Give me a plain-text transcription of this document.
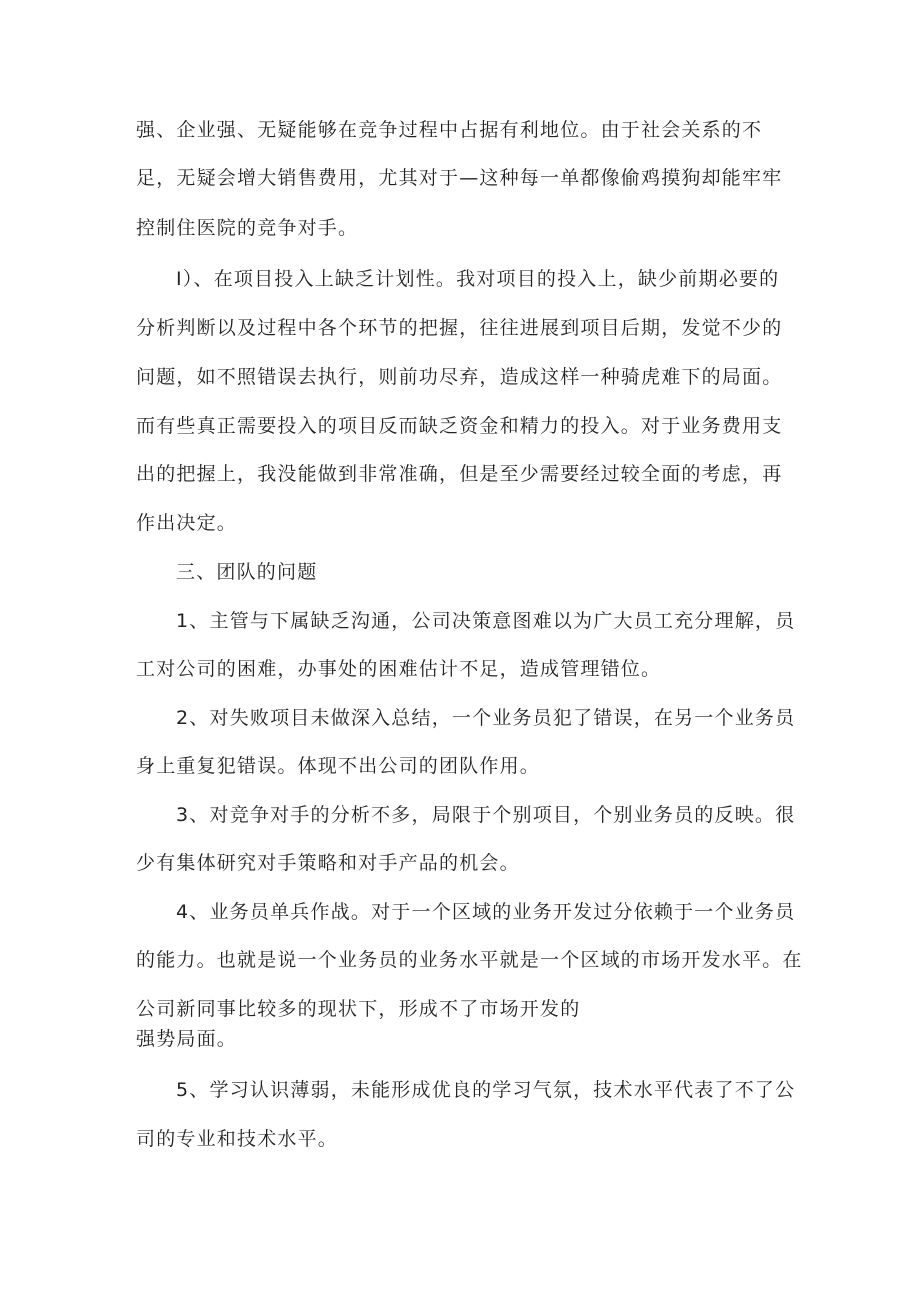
强、企业强、无疑能够在竞争过程中占据有利地位。由于社会关系的不
足，无疑会增大销售费用，尤其对于—这种每一单都像偷鸡摸狗却能牢牢
控制住医院的竞争对手。
I）、在项目投入上缺乏计划性。我对项目的投入上，缺少前期必要的
分析判断以及过程中各个环节的把握，往往进展到项目后期，发觉不少的
问题，如不照错误去执行，则前功尽弃，造成这样一种骑虎难下的局面。
而有些真正需要投入的项目反而缺乏资金和精力的投入。对于业务费用支
出的把握上，我没能做到非常准确，但是至少需要经过较全面的考虑，再
作出决定。
三、团队的问题
1、主管与下属缺乏沟通，公司决策意图难以为广大员工充分理解，员
工对公司的困难，办事处的困难估计不足，造成管理错位。
2、对失败项目未做深入总结，一个业务员犯了错误，在另一个业务员
身上重复犯错误。体现不出公司的团队作用。
3、对竞争对手的分析不多，局限于个别项目，个别业务员的反映。很
少有集体研究对手策略和对手产品的机会。
4、业务员单兵作战。对于一个区域的业务开发过分依赖于一个业务员
的能力。也就是说一个业务员的业务水平就是一个区域的市场开发水平。在
公司新同事比较多的现状下，形成不了市场开发的
强势局面。
5、学习认识薄弱，未能形成优良的学习气氛，技术水平代表了不了公
司的专业和技术水平。
